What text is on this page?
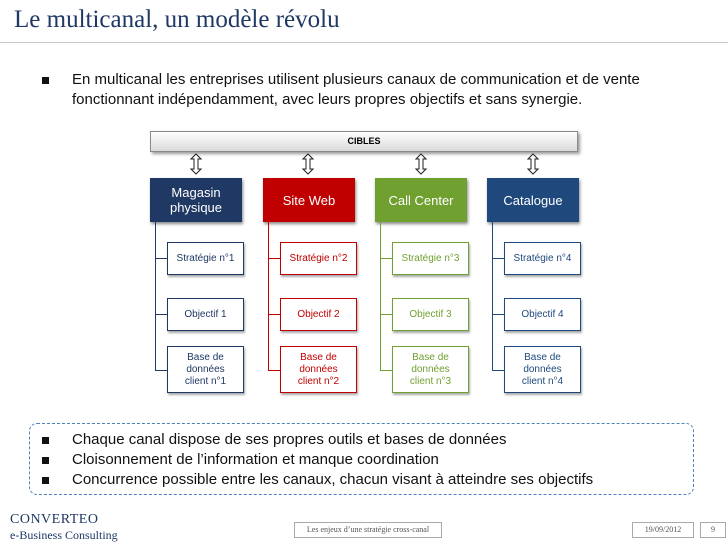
Le multicanal, un modèle révolu
En multicanal les entreprises utilisent plusieurs canaux de communication et de vente
fonctionnant indépendamment, avec leurs propres objectifs et sans synergie.
CIBLES
Magasin
physique
Stratégie n°1
Objectif 1
Base de
données
client n°1
Site Web
Stratégie n°2
Objectif 2
Base de
données
client n°2
Call Center
Stratégie n°3
Objectif 3
Base de
données
client n°3
Catalogue
Stratégie n°4
Objectif 4
Base de
données
client n°4
Chaque canal dispose de ses propres outils et bases de données
Cloisonnement de l’information et manque coordination
Concurrence possible entre les canaux, chacun visant à atteindre ses objectifs
CONVERTEO
e-Business Consulting	Les enjeux d’une stratégie cross-canal	19/09/2012	9
